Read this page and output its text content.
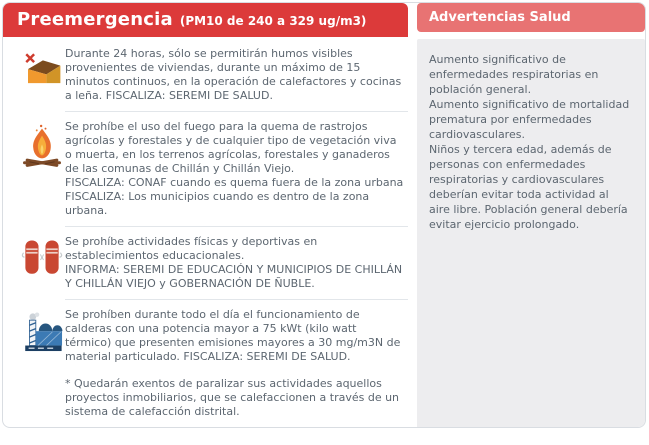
Preemergencia (PM10 de 240 a 329 ug/m3)

Durante 24 horas, sólo se permitirán humos visibles provenientes de viviendas, durante un máximo de 15 minutos continuos, en la operación de calefactores y cocinas a leña. FISCALIZA: SEREMI DE SALUD.

Se prohíbe el uso del fuego para la quema de rastrojos agrícolas y forestales y de cualquier tipo de vegetación viva o muerta, en los terrenos agrícolas, forestales y ganaderos de las comunas de Chillán y Chillán Viejo.

FISCALIZA: CONAF cuando es quema fuera de la zona urbana

FISCALIZA: Los municipios cuando es dentro de la zona urbana.

Se prohíbe actividades físicas y deportivas en establecimientos educacionales.

INFORMA: SEREMI DE EDUCACIÓN Y MUNICIPIOS DE CHILLÁN Y CHILLÁN VIEJO y GOBERNACIÓN DE ÑUBLE.

Se prohíben durante todo el día el funcionamiento de calderas con una potencia mayor a 75 kWt (kilo watt térmico) que presenten emisiones mayores a 30 mg/m3N de material particulado. FISCALIZA: SEREMI DE SALUD.

* Quedarán exentos de paralizar sus actividades aquellos proyectos inmobiliarios, que se calefaccionen a través de un sistema de calefacción distrital.

Advertencias Salud

Aumento significativo de enfermedades respiratorias en población general.

Aumento significativo de mortalidad prematura por enfermedades cardiovasculares.

Niños y tercera edad, además de personas con enfermedades respiratorias y cardiovasculares deberían evitar toda actividad al aire libre. Población general debería evitar ejercicio prolongado.
